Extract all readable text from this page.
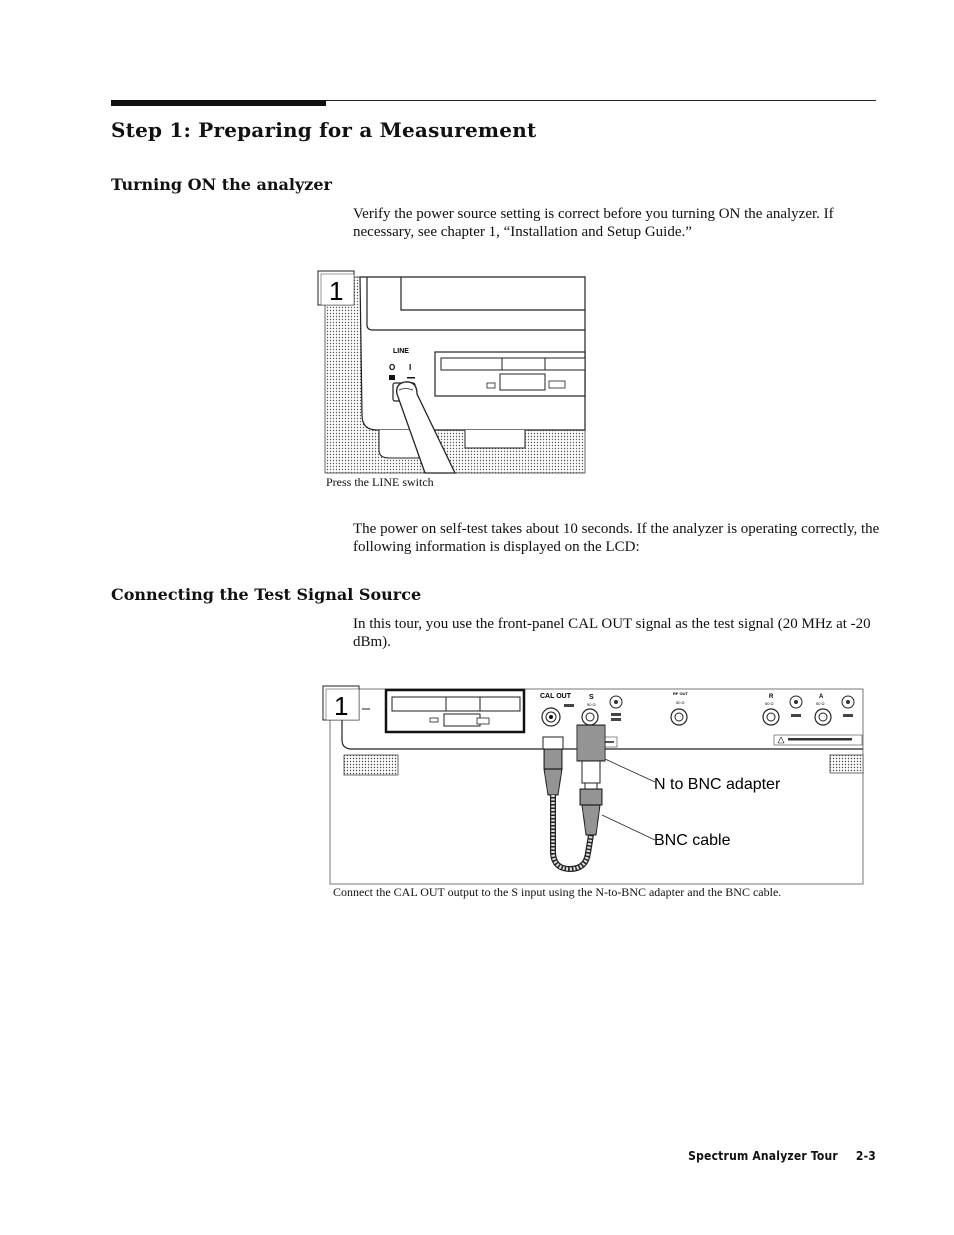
Step 1: Preparing for a Measurement
Turning ON the analyzer
Verify the power source setting is correct before you turning ON the analyzer. If necessary, see chapter 1, “Installation and Setup Guide.”
LINE
O I
1
Press the LINE switch
The power on self-test takes about 10 seconds. If the analyzer is operating correctly, the following information is displayed on the LCD:
Connecting the Test Signal Source
In this tour, you use the front-panel CAL OUT signal as the test signal (20 MHz at -20 dBm).
CAL OUT	S
50 Ω
RF OUT
50 Ω
R
50 Ω
A
50 Ω
N to BNC adapter
BNC cable
1
Connect the CAL OUT output to the S input using the N-to-BNC adapter and the BNC cable.
Spectrum Analyzer Tour 2-3
